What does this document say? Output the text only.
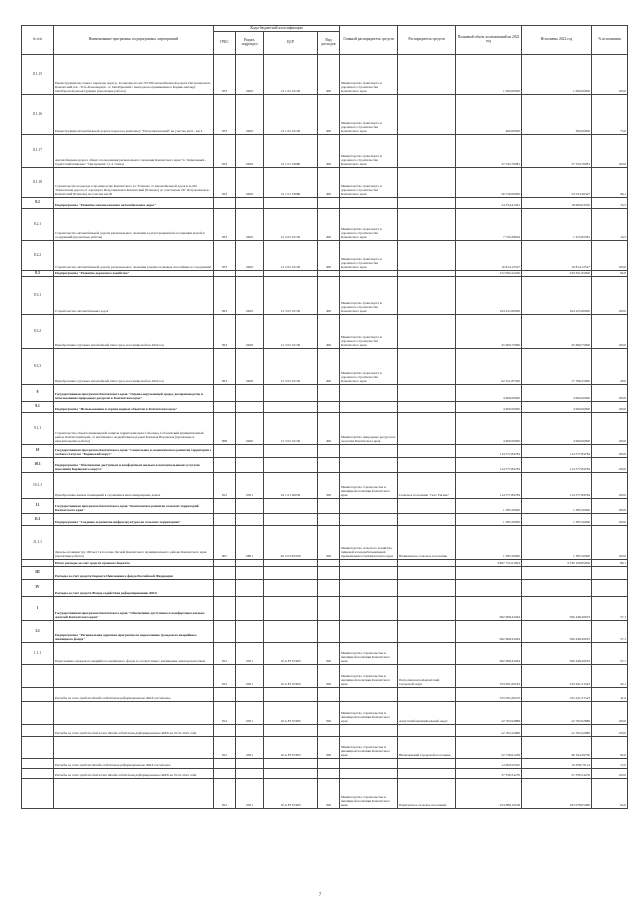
№ п/п	Наименование программы, подпрограммы, мероприятий	Коды бюджетной классификации				Главный распорядитель средств	Распорядитель средств	Плановый объем ассигнований на 2022 год	Исполнено 2022 год	% исполнения
		ГРБС	Раздел, подраздел	ЦСР	Вид расходов					
8.1.15	Реконструкция мостового перехода через р. Гольцовка на км 76+280 автомобильной дороги Петропавловск-Камчатский п/к - Усть-Большерецк - п. Октябрьский с выходом на примыкание к Коряко-капчару Октябрьской реконструкции (проектные работы)	833	0409	12 1 02 10130	400	Министерство транспорта и дорожного строительства Камчатского края		1 000,00000	1 000,00000	100,0
8.1.16	Реконструкция автомобильной дороги подъезд к комплексу "Петропавловский" на участке км 0 - км 4	833	0409	12 1 02 10130	400	Министерство транспорта и дорожного строительства Камчатского края		400,00000	300,00000	75,0
8.1.17	Автомобильная дорога общего пользования регионального значения Камчатского края "п. Термальный - туристский комплекс "Три вулкана" (1-2 этапы)	833	0409	12 1 01 53080	400	Министерство транспорта и дорожного строительства Камчатского края		27 532,70081	27 532,70081	100,0
8.1.18	Строительство подъезда к производству Камчатского в г. Елизово от автомобильной дороги А-401 "Камчатская дорога от аэропорта Петропавловск-Камчатский (Елизово) до участки км 26" Петропавловск-Камчатский (Елизово) на участке км 26	833	0409	12 1 01 53080	400	Министерство транспорта и дорожного строительства Камчатского края		56 720,00000	54 533,46327	96,1
8.2	Подпрограмма "Развитие межпоселковых автомобильных дорог"							24 334,41361	18 069,63520	74,3
8.2.1	Строительство автомобильной дороги регионального значения к регистрационной ассоциации малой и сооружений (проектные работы)	833	0409	12 2 03 10130	400	Министерство транспорта и дорожного строительства Камчатского края		7 720,28634	1 255,82381	16,3
8.2.2	Строительство автомобильной дороги регионального значения в межпоселковых шоссейных и сооружений	833	0409	12 2 02 10130	400	Министерство транспорта и дорожного строительства Камчатского края		16 814,12527	16 814,12527	100,0
8.3	Подпрограмма "Развитие дорожного хозяйства"							272 095,22200	230 631,65000	84,8
8.3.1	Строительство автомобильных дорог	823	0409	12 3 03 10130	400	Министерство транспорта и дорожного строительства Камчатского края		164 225,60000	164 225,60000	100,0
8.3.2	Приобретение грузовых автомобилей типа грузо-пассажирской на 2022 год	823	0408	12 3 03 10130	400	Министерство транспорта и дорожного строительства Камчатского края		45 600,75000	45 699,75000	100,0
8.3.3	Приобретение грузовых автомобилей типа грузо-пассажирской на 2022 год	823	0408	12 3 03 10130	400	Министерство транспорта и дорожного строительства Камчатского края		62 251,87300	17 786,25000	28,6
9	Государственная программа Камчатского края "Охрана окружающей среды, воспроизводство и использование природных ресурсов в Камчатском крае"							4 900,00000	4 900,00000	100,0
9.1	Подпрограмма "Использование и охрана водных объектов в Камчатском крае"							4 900,00000	4 900,00000	100,0
9.1.1	Строительство объекта инженерной защиты территории края Соболево, Соболевский муниципальный район, Камчатский край, от негативного воздействия вод реки Большая Воровская (проектные и изыскательские работы)	808	0406	15 3 02 10130	400	Министерство природных ресурсов и экологии Камчатского края		4 900,00000	4 900,00000	100,0
10	Государственная программа Камчатского края "Социальное и экономическое развитие территории с особым статусом "Корякский округ"							114 577,84784	114 577,84784	100,0
10.1	Подпрограмма "Обеспечение доступным и комфортным жильем и коммунальными услугами населения Корякского округа"							114 577,84784	114 577,84784	100,0
10.1.1	Приобретение жилых помещений в строящихся многоквартирных домах	812	0501	22 1 01 40030	500	Министерство строительства и жилищной политики Камчатского края	Сельское поселение "село Тигиль"	114 577,84784	114 577,84784	100,0
11	Государственная программа Камчатского края "Комплексное развитие сельских территорий Камчатского края"							1 385,50000	1 385,50000	100,0
11.1	Подпрограмма "Создание и развитие инфраструктуры на сельских территориях"							1 385,50000	1 385,50000	100,0
11.1.1	Дизель-отеляции тур 100 мест в поселке Лесной Камчатского муниципального района Камчатского края (проектные работы)	807	0801	26 2 03 R5760	500	Министерство сельского хозяйства, пищевой и перерабатывающей промышленности Камчатского края	Начикинское сельское поселение	1 385,50000	1 385,50000	100,0
	Итого расходы за счет средств краевого бюджета							3 867 731,01993	3 330 109,85056	86,1
III	Расходы за счет средств бюджета Пенсионного фонда Российской Федерации									
IV	Расходы за счет средств Фонда содействия реформированию ЖКХ									
1	Государственная программа Камчатского края "Обеспечение доступным и комфортным жильем жителей Камчатского края"							992 668,43404	566 448,26033	57,1
1.1	Подпрограмма "Региональная адресная программа по переселению граждан из аварийного жилищного фонда"							992 668,43404	566 448,26033	57,1
1.1.1	Переселение граждан из аварийного жилищного фонда в соответствии с жилищным законодательством	812	0501	10 A F3 67483	500	Министерство строительства и жилищной политики Камчатского края		992 668,43404	566 448,26033	57,1
		812	0501	10 A F3 67483	500	Министерство строительства и жилищной политики Камчатского края	Петропавловск-Камчатский городской округ	553 091,66163	232 641,31543	42,1
	Расходы за счет средств Фонда содействия реформированию ЖКХ посчитать							553 091,66163	232 641,31543	41,9
		812	0501	10 A F3 67483	500	Министерство строительства и жилищной политики Камчатского края	Алеутский муниципальный округ	22 762,92889	22 762,92889	100,0
	Расходы за счет средств бюджета Фонда содействия реформированию ЖКХ на 01.01.2022 года							22 762,92889	22 762,92889	100,0
		812	0501	10 A F3 67483	500	Министерство строительства и жилищной политики Камчатского края	Вилючинский городской поселение	52 736,61458	48 164,39750	92,0
	Расходы за счет средств Фонда содействия реформированию ЖКХ посчитать							14 600,95945	10 638,73124	72,9
	Расходы за счет средств бюджета Фонда содействия реформированию ЖКХ на 01.01.2022 года							37 336,54470	37 336,54470	100,0
		812	0501	10 A F3 67483	500	Министерство строительства и жилищной политики Камчатского края	Паратунское сельское поселение	254 888,19108	163 078,05489	64,0
7
